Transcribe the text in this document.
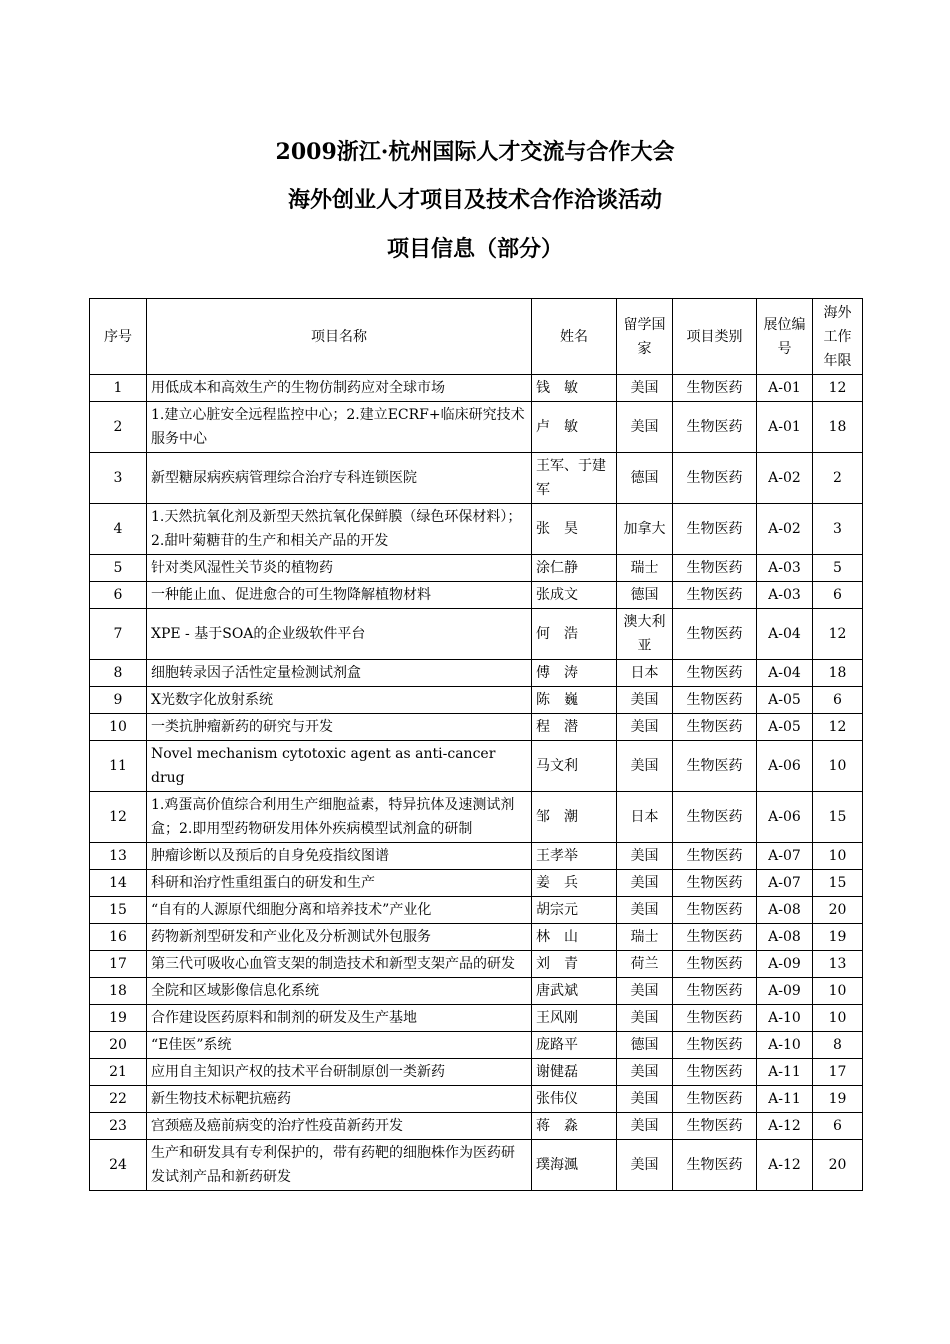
2009浙江·杭州国际人才交流与合作大会
海外创业人才项目及技术合作洽谈活动
项目信息（部分）
序号	项目名称	姓名	留学国家	项目类别	展位编号	海外工作年限
1	用低成本和高效生产的生物仿制药应对全球市场	钱　敏	美国	生物医药	A-01	12
2	1.建立心脏安全远程监控中心；2.建立ECRF+临床研究技术服务中心	卢　敏	美国	生物医药	A-01	18
3	新型糖尿病疾病管理综合治疗专科连锁医院	王军、于建军	德国	生物医药	A-02	2
4	1.天然抗氧化剂及新型天然抗氧化保鲜膜（绿色环保材料）；2.甜叶菊糖苷的生产和相关产品的开发	张　昊	加拿大	生物医药	A-02	3
5	针对类风湿性关节炎的植物药	涂仁静	瑞士	生物医药	A-03	5
6	一种能止血、促进愈合的可生物降解植物材料	张成文	德国	生物医药	A-03	6
7	XPE - 基于SOA的企业级软件平台	何　浩	澳大利亚	生物医药	A-04	12
8	细胞转录因子活性定量检测试剂盒	傅　涛	日本	生物医药	A-04	18
9	X光数字化放射系统	陈　巍	美国	生物医药	A-05	6
10	一类抗肿瘤新药的研究与开发	程　潜	美国	生物医药	A-05	12
11	Novel mechanism cytotoxic agent as anti-cancer drug	马文利	美国	生物医药	A-06	10
12	1.鸡蛋高价值综合利用生产细胞益素，特异抗体及速测试剂盒；2.即用型药物研发用体外疾病模型试剂盒的研制	邹　潮	日本	生物医药	A-06	15
13	肿瘤诊断以及预后的自身免疫指纹图谱	王孝举	美国	生物医药	A-07	10
14	科研和治疗性重组蛋白的研发和生产	姜　兵	美国	生物医药	A-07	15
15	“自有的人源原代细胞分离和培养技术”产业化	胡宗元	美国	生物医药	A-08	20
16	药物新剂型研发和产业化及分析测试外包服务	林　山	瑞士	生物医药	A-08	19
17	第三代可吸收心血管支架的制造技术和新型支架产品的研发	刘　青	荷兰	生物医药	A-09	13
18	全院和区域影像信息化系统	唐武斌	美国	生物医药	A-09	10
19	合作建设医药原料和制剂的研发及生产基地	王风刚	美国	生物医药	A-10	10
20	“E佳医”系统	庞路平	德国	生物医药	A-10	8
21	应用自主知识产权的技术平台研制原创一类新药	谢健磊	美国	生物医药	A-11	17
22	新生物技术标靶抗癌药	张伟仪	美国	生物医药	A-11	19
23	宫颈癌及癌前病变的治疗性疫苗新药开发	蒋　淼	美国	生物医药	A-12	6
24	生产和研发具有专利保护的，带有药靶的细胞株作为医药研发试剂产品和新药研发	璞海渢	美国	生物医药	A-12	20
